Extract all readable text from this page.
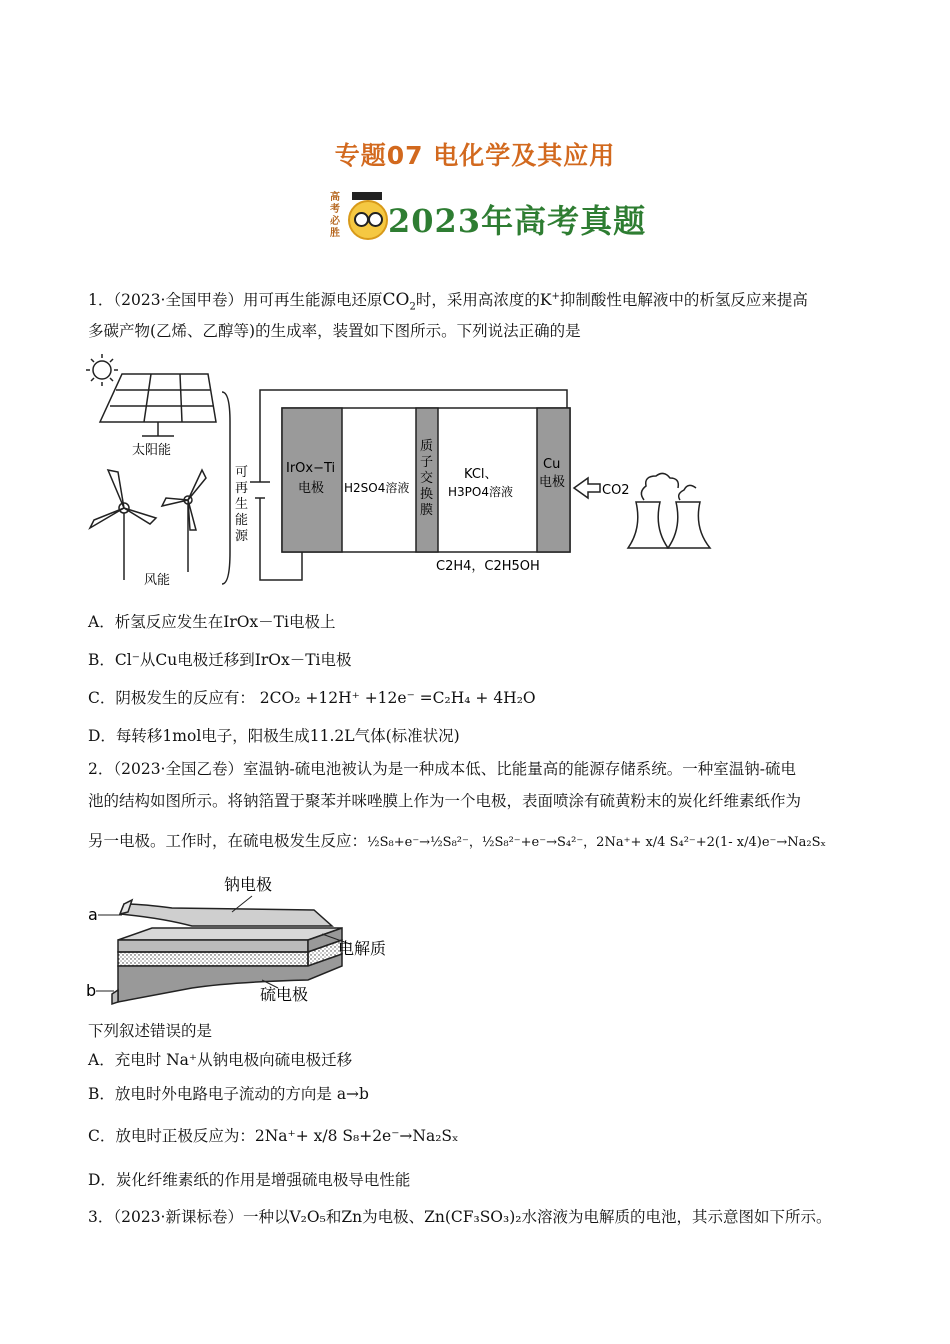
专题07 电化学及其应用
高考必胜 2023年高考真题
1．（2023·全国甲卷）用可再生能源电还原$CO_2$时，采用高浓度的K+抑制酸性电解液中的析氢反应来提高
多碳产物(乙烯、乙醇等)的生成率，装置如下图所示。下列说法正确的是
太阳能
风能
可
再
生
能
源
IrOx−Ti
电极 H2SO4溶液
质
子
交
换
膜
KCl、
H3PO4溶液
Cu
电极
CO2
C2H4，C2H5OH
A．析氢反应发生在IrOx－Ti电极上
B．Cl⁻从Cu电极迁移到IrOx－Ti电极
C．阴极发生的反应有： 2CO₂ +12H⁺ +12e⁻ =C₂H₄ + 4H₂O
D．每转移1mol电子，阳极生成11.2L气体(标准状况)
2．（2023·全国乙卷）室温钠-硫电池被认为是一种成本低、比能量高的能源存储系统。一种室温钠-硫电
池的结构如图所示。将钠箔置于聚苯并咪唑膜上作为一个电极，表面喷涂有硫黄粉末的炭化纤维素纸作为
另一电极。工作时，在硫电极发生反应：½S₈+e⁻→½S₈²⁻，½S₈²⁻+e⁻→S₄²⁻，2Na⁺+ x/4 S₄²⁻+2(1- x/4)e⁻→Na₂Sₓ
钠电极
电解质
硫电极
a
b
下列叙述错误的是
A．充电时 Na⁺从钠电极向硫电极迁移
B．放电时外电路电子流动的方向是 a→b
C．放电时正极反应为：2Na⁺+ x/8 S₈+2e⁻→Na₂Sₓ
D．炭化纤维素纸的作用是增强硫电极导电性能
3．（2023·新课标卷）一种以V₂O₅和Zn为电极、Zn(CF₃SO₃)₂水溶液为电解质的电池，其示意图如下所示。
